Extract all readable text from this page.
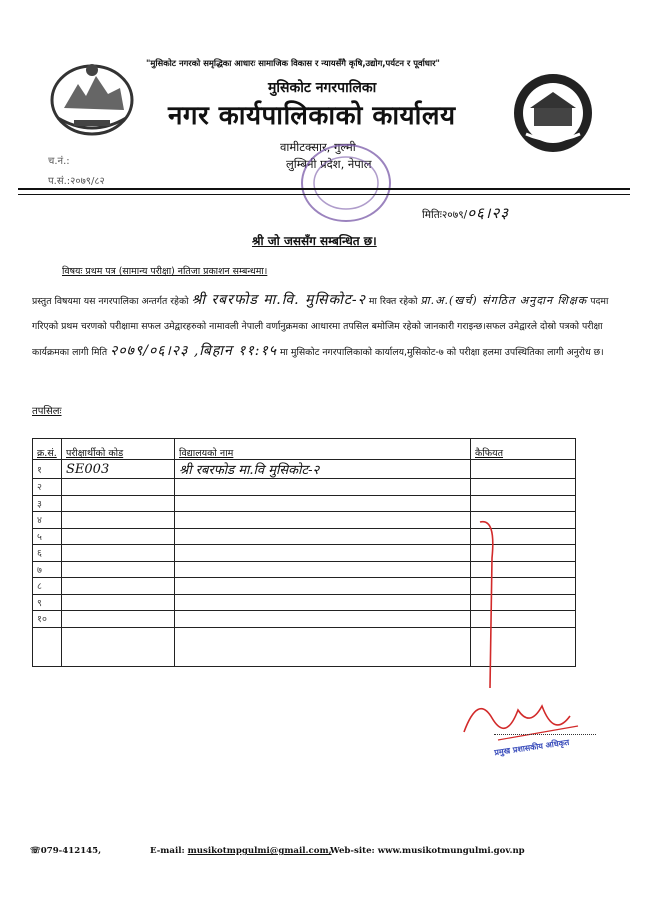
"मुसिकोट नगरको समृद्धिका आधारः सामाजिक विकास र न्यायसँगै कृषि,उद्योग,पर्यटन र पूर्वाधार"
मुसिकोट नगरपालिका
नगर कार्यपालिकाको कार्यालय
वामीटक्सार, गुल्मी
लुम्बिनी प्रदेश, नेपाल
च.नं.:
प.सं.:२०७९/८२
मितिः२०७९/०६।२३
श्री जो जससँग सम्बन्धित छ।
विषयः प्रथम पत्र (सामान्य परीक्षा) नतिजा प्रकाशन सम्बन्धमा।
प्रस्तुत विषयमा यस नगरपालिका अन्तर्गत रहेको श्री रबरफोड मा.वि. मुसिकोट-२ मा रिक्त रहेको प्रा.अ.(खर्च) संगठित अनुदान शिक्षक पदमा गरिएको प्रथम चरणको परीक्षामा सफल उमेद्वारहरुको नामावली नेपाली वर्णानुक्रमका आधारमा तपसिल बमोजिम रहेको जानकारी गराइन्छ।सफल उमेद्वारले दोस्रो पत्रको परीक्षा कार्यक्रमका लागी मिति २०७९/०६।२३ ,बिहान ११:१५ मा मुसिकोट नगरपालिकाको कार्यालय,मुसिकोट-७ को परीक्षा हलमा उपस्थितिका लागी अनुरोध छ।
तपसिलः
क्र.सं.	परीक्षार्थीको कोड	विद्यालयको नाम	कैफियत
१	SE003	श्री रबरफोड मा.वि मुसिकोट-२	
२			
३			
४			
५			
६			
७			
८			
९			
१०			

प्रमुख प्रशासकीय अधिकृत
☏079-412145,	E-mail: musikotmpgulmi@gmail.com,
Web-site: www.musikotmungulmi.gov.np
